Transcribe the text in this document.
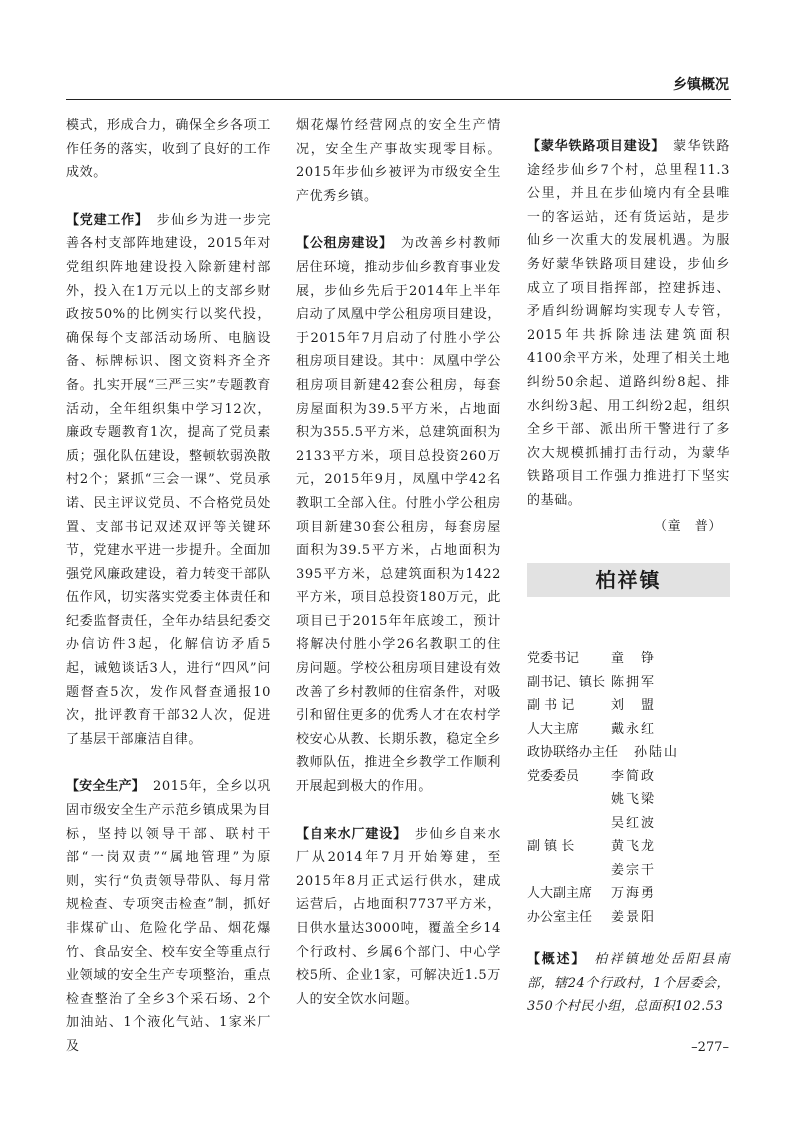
乡镇概况

模式，形成合力，确保全乡各项工作任务的落实，收到了良好的工作成效。

【党建工作】 步仙乡为进一步完善各村支部阵地建设，2015年对党组织阵地建设投入除新建村部外，投入在1万元以上的支部乡财政按50%的比例实行以奖代投，确保每个支部活动场所、电脑设备、标牌标识、图文资料齐全齐备。扎实开展“三严三实”专题教育活动，全年组织集中学习12次，廉政专题教育1次，提高了党员素质；强化队伍建设，整顿软弱涣散村2个；紧抓“三会一课”、党员承诺、民主评议党员、不合格党员处置、支部书记双述双评等关键环节，党建水平进一步提升。全面加强党风廉政建设，着力转变干部队伍作风，切实落实党委主体责任和纪委监督责任，全年办结县纪委交办信访件3起，化解信访矛盾5起，诫勉谈话3人，进行“四风”问题督查5次，发作风督查通报10次，批评教育干部32人次，促进了基层干部廉洁自律。

【安全生产】 2015年，全乡以巩固市级安全生产示范乡镇成果为目标，坚持以领导干部、联村干部“一岗双责”“属地管理”为原则，实行“负责领导带队、每月常规检查、专项突击检查”制，抓好非煤矿山、危险化学品、烟花爆竹、食品安全、校车安全等重点行业领域的安全生产专项整治，重点检查整治了全乡3个采石场、2个加油站、1个液化气站、1家米厂及

烟花爆竹经营网点的安全生产情况，安全生产事故实现零目标。2015年步仙乡被评为市级安全生产优秀乡镇。

【公租房建设】 为改善乡村教师居住环境，推动步仙乡教育事业发展，步仙乡先后于2014年上半年启动了凤凰中学公租房项目建设，于2015年7月启动了付胜小学公租房项目建设。其中：凤凰中学公租房项目新建42套公租房，每套房屋面积为39.5平方米，占地面积为355.5平方米，总建筑面积为2133平方米，项目总投资260万元，2015年9月，凤凰中学42名教职工全部入住。付胜小学公租房项目新建30套公租房，每套房屋面积为39.5平方米，占地面积为395平方米，总建筑面积为1422平方米，项目总投资180万元，此项目已于2015年年底竣工，预计将解决付胜小学26名教职工的住房问题。学校公租房项目建设有效改善了乡村教师的住宿条件，对吸引和留住更多的优秀人才在农村学校安心从教、长期乐教，稳定全乡教师队伍，推进全乡教学工作顺利开展起到极大的作用。

【自来水厂建设】 步仙乡自来水厂从2014年7月开始筹建，至2015年8月正式运行供水，建成运营后，占地面积7737平方米，日供水量达3000吨，覆盖全乡14个行政村、乡属6个部门、中心学校5所、企业1家，可解决近1.5万人的安全饮水问题。

【蒙华铁路项目建设】 蒙华铁路途经步仙乡7个村，总里程11.3公里，并且在步仙境内有全县唯一的客运站，还有货运站，是步仙乡一次重大的发展机遇。为服务好蒙华铁路项目建设，步仙乡成立了项目指挥部，控建拆违、矛盾纠纷调解均实现专人专管，2015年共拆除违法建筑面积4100余平方米，处理了相关土地纠纷50余起、道路纠纷8起、排水纠纷3起、用工纠纷2起，组织全乡干部、派出所干警进行了多次大规模抓捕打击行动，为蒙华铁路项目工作强力推进打下坚实的基础。

（童　普）
柏祥镇
党委书记	童　铮
副书记、镇长 陈拥军
副 书 记	刘　盟
人大主席	戴永红
政协联络办主任 孙陆山
党委委员	李简政
姚飞梁
吴红波
副 镇 长	黄飞龙
姜宗干
人大副主席	万海勇
办公室主任	姜景阳
【概述】 柏祥镇地处岳阳县南部，辖24个行政村，1个居委会，350个村民小组，总面积102.53
–277–
